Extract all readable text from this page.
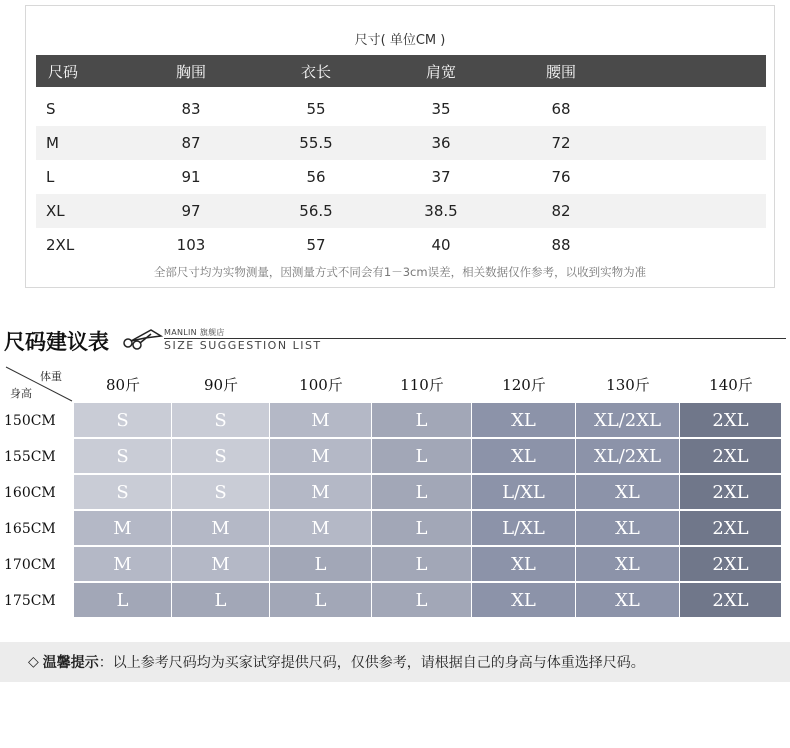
尺寸( 单位CM )
尺码	胸围	衣长	肩宽	腰围
S	83	55	35	68
M	87	55.5	36	72
L	91	56	37	76
XL	97	56.5	38.5	82
2XL	103	57	40	88
全部尺寸均为实物测量，因测量方式不同会有1－3cm误差，相关数据仅作参考，以收到实物为准
尺码建议表	MANLIN 旗舰店
SIZE SUGGESTION LIST
体重
身高	80斤	90斤	100斤	110斤	120斤	130斤	140斤
150CM	S	S	M	L	XL	XL/2XL	2XL
155CM	S	S	M	L	XL	XL/2XL	2XL
160CM	S	S	M	L	L/XL	XL	2XL
165CM	M	M	M	L	L/XL	XL	2XL
170CM	M	M	L	L	XL	XL	2XL
175CM	L	L	L	L	XL	XL	2XL
◇ 温馨提示 ：以上参考尺码均为买家试穿提供尺码，仅供参考，请根据自己的身高与体重选择尺码。
